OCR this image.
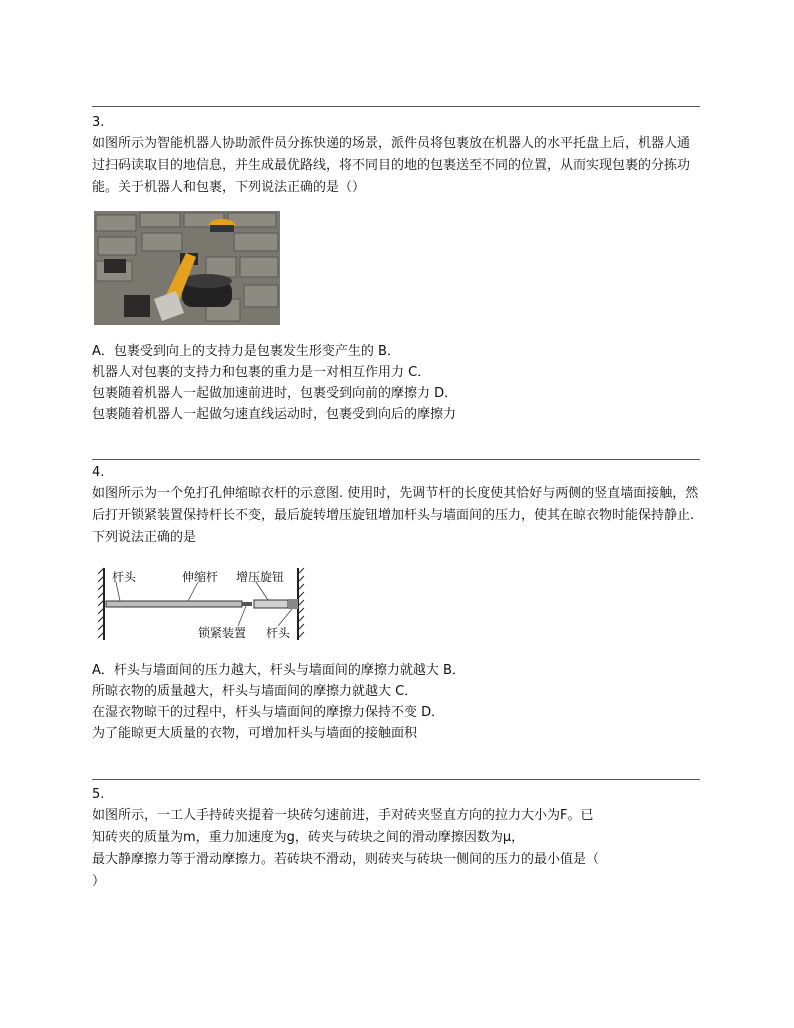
3.

如图所示为智能机器人协助派件员分拣快递的场景，派件员将包裹放在机器人的水平托盘上后，机器人通过扫码读取目的地信息，并生成最优路线，将不同目的地的包裹送至不同的位置，从而实现包裹的分拣功能。关于机器人和包裹，下列说法正确的是（）

A．包裹受到向上的支持力是包裹发生形变产生的 B．

机器人对包裹的支持力和包裹的重力是一对相互作用力 C．

包裹随着机器人一起做加速前进时，包裹受到向前的摩擦力 D．

包裹随着机器人一起做匀速直线运动时，包裹受到向后的摩擦力

4.

如图所示为一个免打孔伸缩晾衣杆的示意图. 使用时，先调节杆的长度使其恰好与两侧的竖直墙面接触，然后打开锁紧装置保持杆长不变，最后旋转增压旋钮增加杆头与墙面间的压力，使其在晾衣物时能保持静止. 下列说法正确的是

杆头	伸缩杆 增压旋钮
锁紧装置 杆头

A．杆头与墙面间的压力越大，杆头与墙面间的摩擦力就越大 B．

所晾衣物的质量越大，杆头与墙面间的摩擦力就越大 C．

在湿衣物晾干的过程中，杆头与墙面间的摩擦力保持不变 D．

为了能晾更大质量的衣物，可增加杆头与墙面的接触面积

5.

如图所示，一工人手持砖夹提着一块砖匀速前进，手对砖夹竖直方向的拉力大小为F。已

知砖夹的质量为m，重力加速度为g，砖夹与砖块之间的滑动摩擦因数为μ，

最大静摩擦力等于滑动摩擦力。若砖块不滑动，则砖夹与砖块一侧间的压力的最小值是（

）
